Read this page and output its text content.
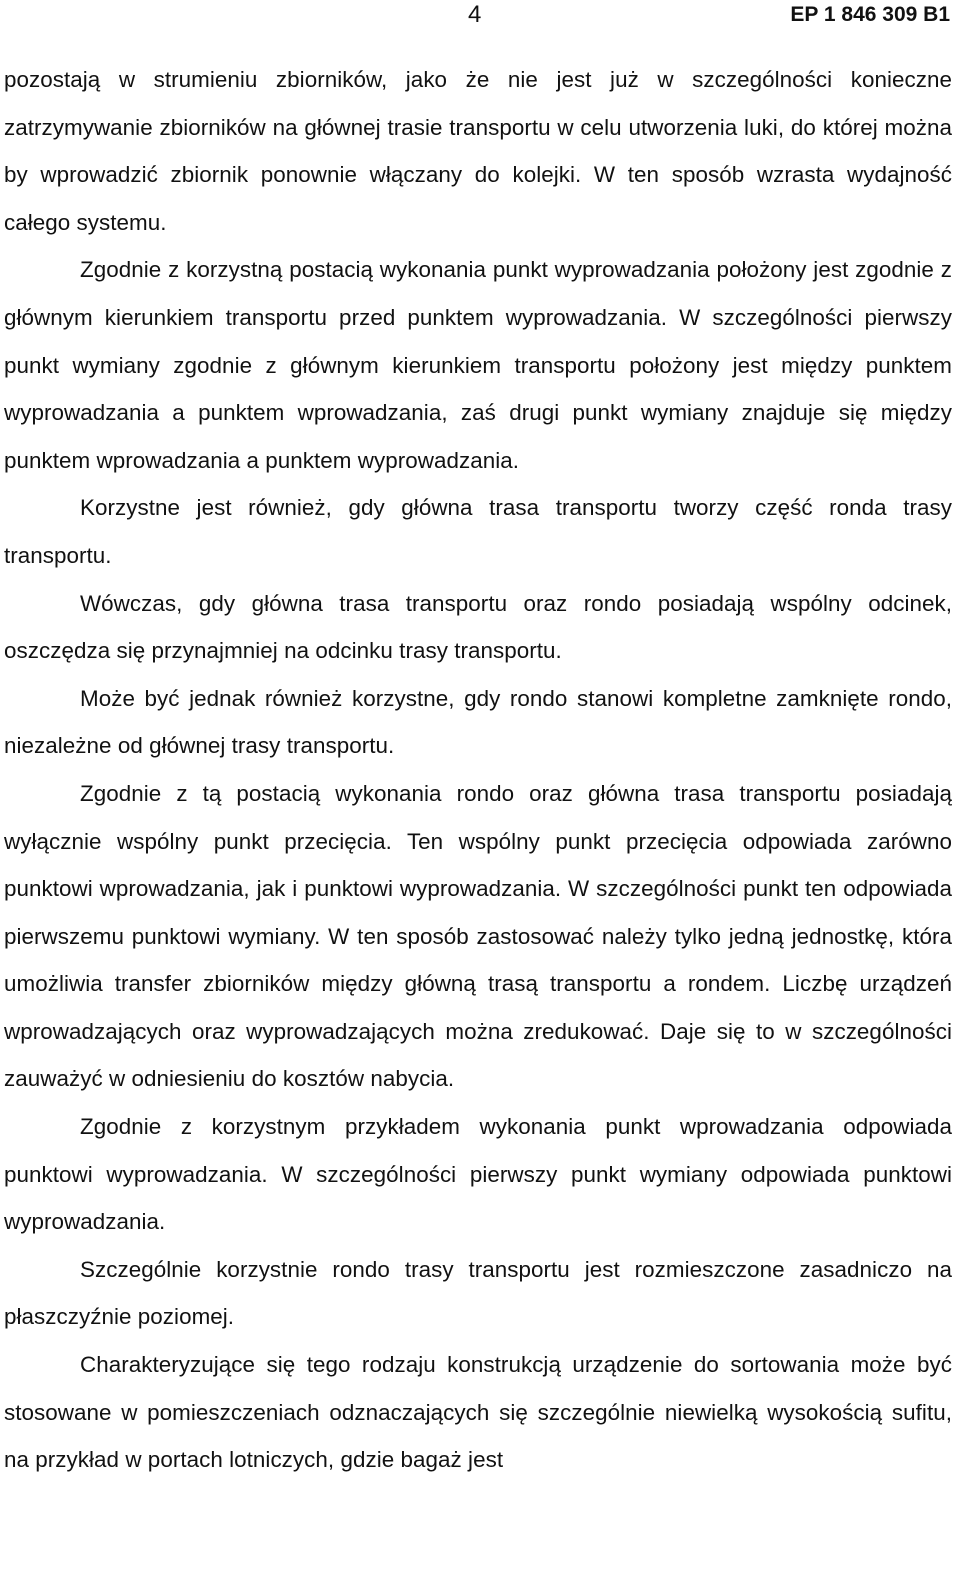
4	EP 1 846 309 B1

pozostają w strumieniu zbiorników, jako że nie jest już w szczególności konieczne zatrzymywanie zbiorników na głównej trasie transportu w celu utworzenia luki, do której można by wprowadzić zbiornik ponownie włączany do kolejki. W ten sposób wzrasta wydajność całego systemu.

Zgodnie z korzystną postacią wykonania punkt wyprowadzania położony jest zgodnie z głównym kierunkiem transportu przed punktem wyprowadzania. W szczególności pierwszy punkt wymiany zgodnie z głównym kierunkiem transportu położony jest między punktem wyprowadzania a punktem wprowadzania, zaś drugi punkt wymiany znajduje się między punktem wprowadzania a punktem wyprowadzania.

Korzystne jest również, gdy główna trasa transportu tworzy część ronda trasy transportu.

Wówczas, gdy główna trasa transportu oraz rondo posiadają wspólny odcinek, oszczędza się przynajmniej na odcinku trasy transportu.

Może być jednak również korzystne, gdy rondo stanowi kompletne zamknięte rondo, niezależne od głównej trasy transportu.

Zgodnie z tą postacią wykonania rondo oraz główna trasa transportu posiadają wyłącznie wspólny punkt przecięcia. Ten wspólny punkt przecięcia odpowiada zarówno punktowi wprowadzania, jak i punktowi wyprowadzania. W szczególności punkt ten odpowiada pierwszemu punktowi wymiany. W ten sposób zastosować należy tylko jedną jednostkę, która umożliwia transfer zbiorników między główną trasą transportu a rondem. Liczbę urządzeń wprowadzających oraz wyprowadzających można zredukować. Daje się to w szczególności zauważyć w odniesieniu do kosztów nabycia.

Zgodnie z korzystnym przykładem wykonania punkt wprowadzania odpowiada punktowi wyprowadzania. W szczególności pierwszy punkt wymiany odpowiada punktowi wyprowadzania.

Szczególnie korzystnie rondo trasy transportu jest rozmieszczone zasadniczo na płaszczyźnie poziomej.

Charakteryzujące się tego rodzaju konstrukcją urządzenie do sortowania może być stosowane w pomieszczeniach odznaczających się szczególnie niewielką wysokością sufitu, na przykład w portach lotniczych, gdzie bagaż jest
